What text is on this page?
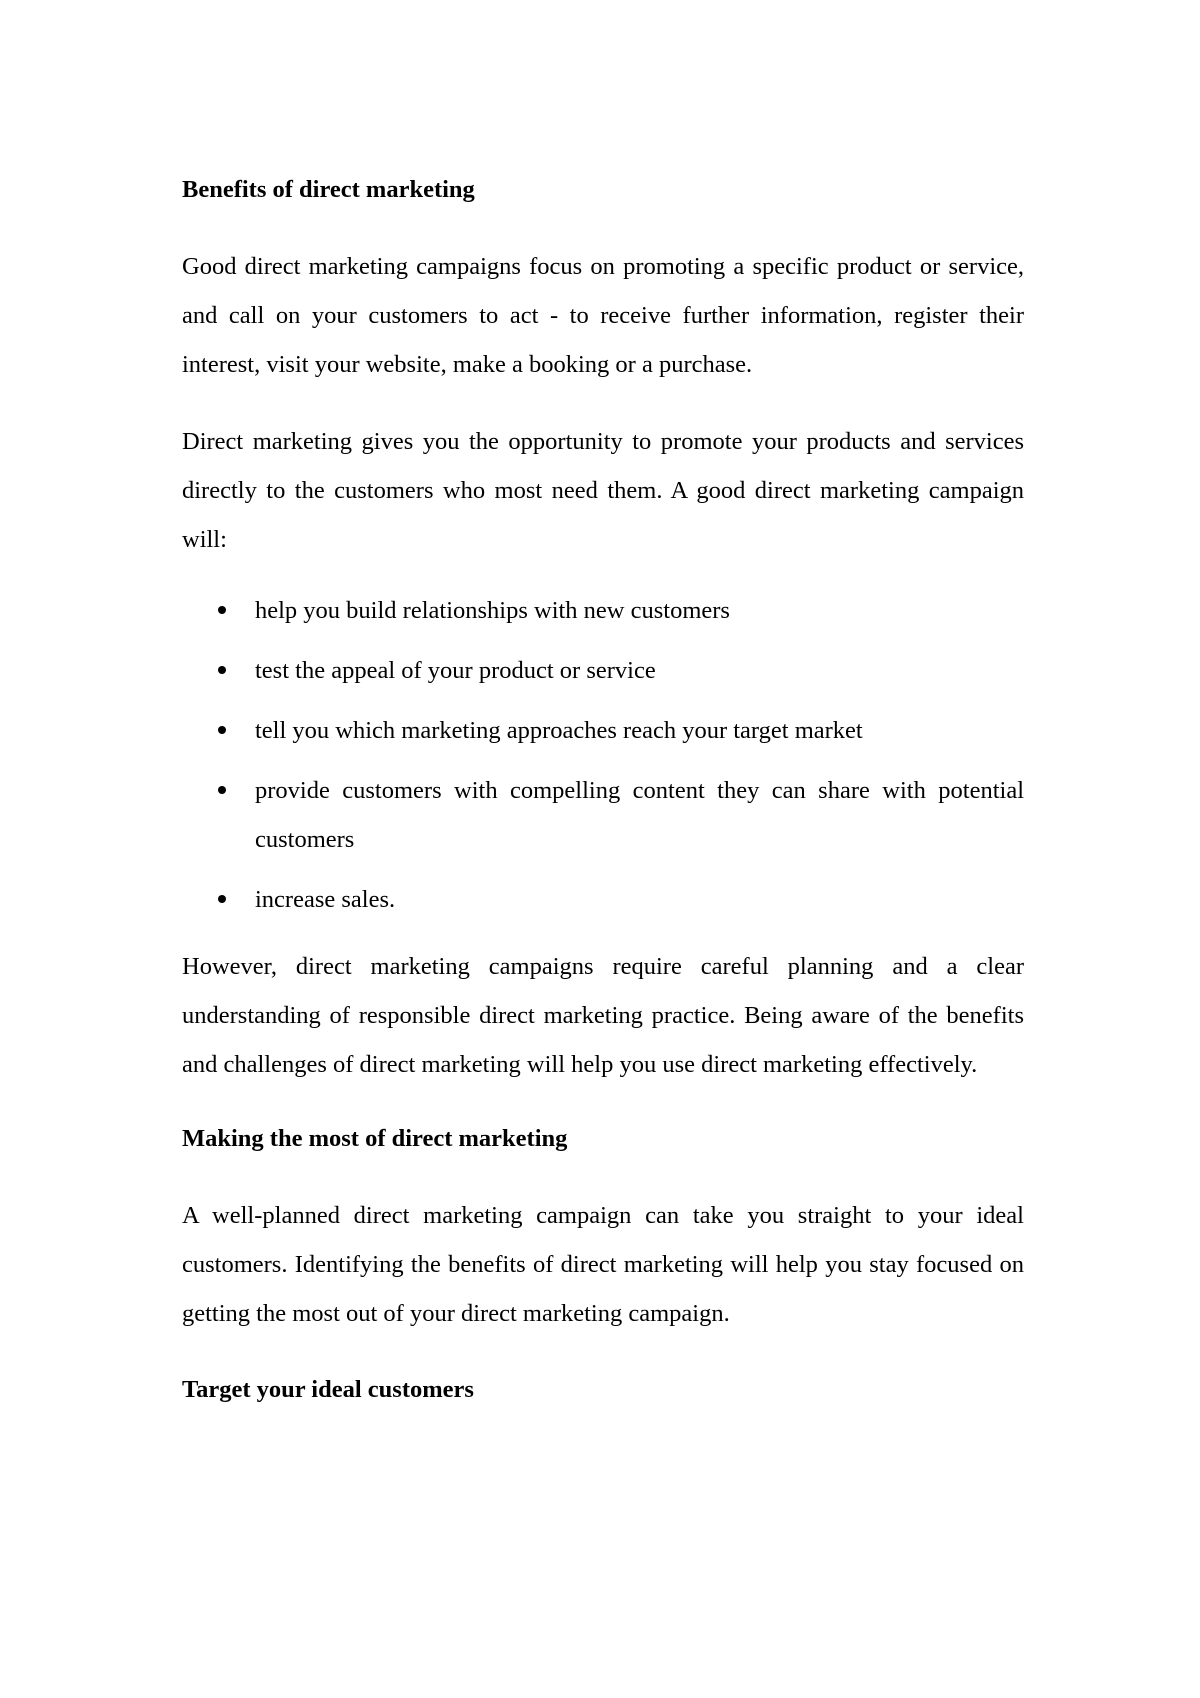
Benefits of direct marketing

Good direct marketing campaigns focus on promoting a specific product or service, and call on your customers to act - to receive further information, register their interest, visit your website, make a booking or a purchase.

Direct marketing gives you the opportunity to promote your products and services directly to the customers who most need them. A good direct marketing campaign will:

help you build relationships with new customers
test the appeal of your product or service
tell you which marketing approaches reach your target market
provide customers with compelling content they can share with potential customers
increase sales.

However, direct marketing campaigns require careful planning and a clear understanding of responsible direct marketing practice. Being aware of the benefits and challenges of direct marketing will help you use direct marketing effectively.

Making the most of direct marketing

A well-planned direct marketing campaign can take you straight to your ideal customers. Identifying the benefits of direct marketing will help you stay focused on getting the most out of your direct marketing campaign.

Target your ideal customers
